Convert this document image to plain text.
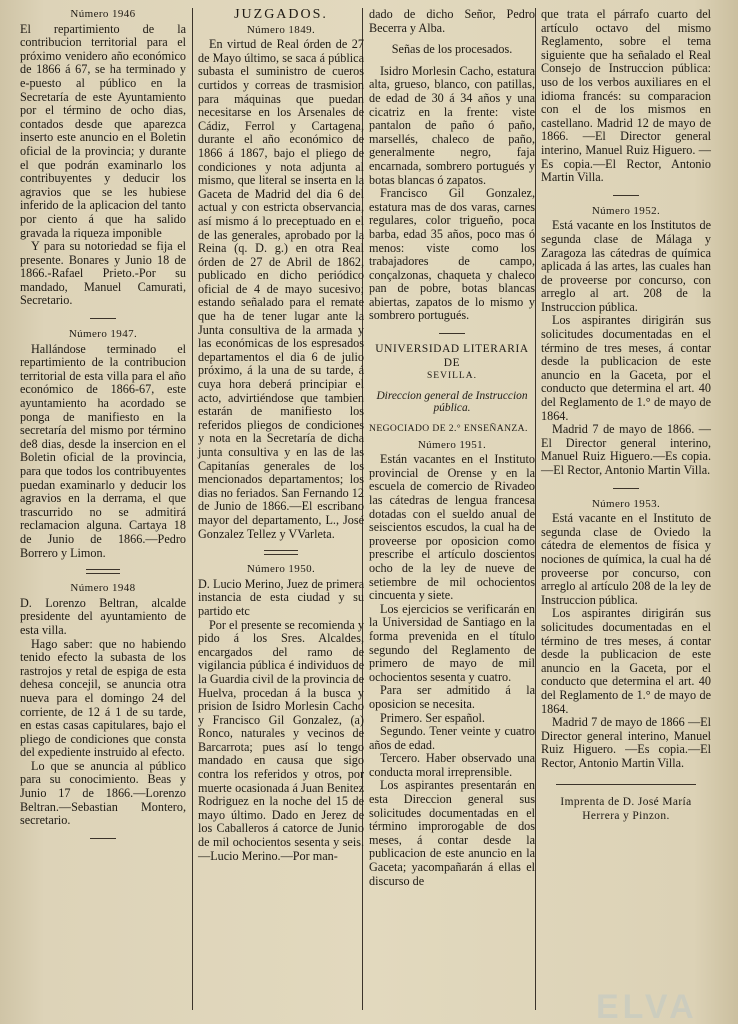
Número 1946

El repartimiento de la contribucion territorial para el próximo venidero año económico de 1866 á 67, se ha terminado y e-puesto al público en la Secretaría de este Ayuntamiento por el término de ocho dias, contados desde que aparezca inserto este anuncio en el Boletin oficial de la provincia; y durante el que podrán examinarlo los contribuyentes y deducir los agravios que se les hubiese inferido de la aplicacion del tanto por ciento á que ha salido gravada la riqueza imponible

Y para su notoriedad se fija el presente. Bonares y Junio 18 de 1866.-Rafael Prieto.-Por su mandado, Manuel Camurati, Secretario.

Número 1947.

Hallándose terminado el repartimiento de la contribucion territorial de esta villa para el año económico de 1866-67, este ayuntamiento ha acordado se ponga de manifiesto en la secretaría del mismo por término de8 dias, desde la insercion en el Boletin oficial de la provincia, para que todos los contribuyentes puedan examinarlo y deducir los agravios en la derrama, el que trascurrido no se admitirá reclamacion alguna. Cartaya 18 de Junio de 1866.—Pedro Borrero y Limon.

Número 1948

D. Lorenzo Beltran, alcalde presidente del ayuntamiento de esta villa.

Hago saber: que no habiendo tenido efecto la subasta de los rastrojos y retal de espiga de esta dehesa concejil, se anuncia otra nueva para el domingo 24 del corriente, de 12 á 1 de su tarde, en estas casas capitulares, bajo el pliego de condiciones que consta del expediente instruido al efecto.

Lo que se anuncia al público para su conocimiento. Beas y Junio 17 de 1866.—Lorenzo Beltran.—Sebastian Montero, secretario.

JUZGADOS.
Número 1849.

En virtud de Real órden de 27 de Mayo último, se saca á pública subasta el suministro de cueros curtidos y correas de trasmision para máquinas que puedan necesitarse en los Arsenales de Cádiz, Ferrol y Cartagena, durante el año económico de 1866 á 1867, bajo el pliego de condiciones y nota adjunta al mismo, que literal se inserta en la Gaceta de Madrid del dia 6 del actual y con estricta observancia, así mismo á lo preceptuado en el de las generales, aprobado por la Reina (q. D. g.) en otra Real órden de 27 de Abril de 1862, publicado en dicho periódico oficial de 4 de mayo sucesivo; estando señalado para el remate que ha de tener lugar ante la Junta consultiva de la armada y las económicas de los espresados departamentos el dia 6 de julio próximo, á la una de su tarde, á cuya hora deberá principiar el acto, advirtiéndose que tambien estarán de manifiesto los referidos pliegos de condiciones y nota en la Secretaría de dicha junta consultiva y en las de las Capitanías generales de los mencionados departamentos; los dias no feriados. San Fernando 12 de Junio de 1866.—El escribano mayor del departamento, L., José Gonzalez Tellez y VVarleta.

Número 1950.

D. Lucio Merino, Juez de primera instancia de esta ciudad y su partido etc

Por el presente se recomienda y pido á los Sres. Alcaldes, encargados del ramo de vigilancia pública é individuos de la Guardia civil de la provincia de Huelva, procedan á la busca y prision de Isidro Morlesin Cacho y Francisco Gil Gonzalez, (a) Ronco, naturales y vecinos de Barcarrota; pues así lo tengo mandado en causa que sigo contra los referidos y otros, por muerte ocasionada á Juan Benitez Rodriguez en la noche del 15 de mayo último. Dado en Jerez de los Caballeros á catorce de Junio de mil ochocientos sesenta y seis. —Lucio Merino.—Por man-

dado de dicho Señor, Pedro Becerra y Alba.

Señas de los procesados.

Isidro Morlesin Cacho, estatura alta, grueso, blanco, con patillas, de edad de 30 á 34 años y una cicatriz en la frente: viste pantalon de paño ó paño, marsellés, chaleco de paño, generalmente negro, faja encarnada, sombrero portugués y botas blancas ó zapatos.

Francisco Gil Gonzalez, estatura mas de dos varas, carnes regulares, color trigueño, poca barba, edad 35 años, poco mas ó menos: viste como los trabajadores de campo, conçalzonas, chaqueta y chaleco pan de pobre, botas blancas abiertas, zapatos de lo mismo y sombrero portugués.

UNIVERSIDAD LITERARIA DE
SEVILLA.
Direccion general de Instruccion pública.
NEGOCIADO DE 2.° ENSEÑANZA.
Número 1951.

Están vacantes en el Instituto provincial de Orense y en la escuela de comercio de Rivadeo las cátedras de lengua francesa dotadas con el sueldo anual de seiscientos escudos, la cual ha de proveerse por oposicion como prescribe el artículo doscientos ocho de la ley de nueve de setiembre de mil ochocientos cincuenta y siete.

Los ejercicios se verificarán en la Universidad de Santiago en la forma prevenida en el título segundo del Reglamento de primero de mayo de mil ochocientos sesenta y cuatro.

Para ser admitido á la oposicion se necesita.

Primero. Ser español.

Segundo. Tener veinte y cuatro años de edad.

Tercero. Haber observado una conducta moral irreprensible.

Los aspirantes presentarán en esta Direccion general sus solicitudes documentadas en el término improrogable de dos meses, á contar desde la publicacion de este anuncio en la Gaceta; yacompañarán á ellas el discurso de

que trata el párrafo cuarto del artículo octavo del mismo Reglamento, sobre el tema siguiente que ha señalado el Real Consejo de Instruccion pública: uso de los verbos auxiliares en el idioma francés: su comparacion con el de los mismos en castellano. Madrid 12 de mayo de 1866. —El Director general interino, Manuel Ruiz Higuero. —Es copia.—El Rector, Antonio Martin Villa.

Número 1952.

Está vacante en los Institutos de segunda clase de Málaga y Zaragoza las cátedras de química aplicada á las artes, las cuales han de proveerse por concurso, con arreglo al art. 208 de la Instruccion pública.

Los aspirantes dirigirán sus solicitudes documentadas en el término de tres meses, á contar desde la publicacion de este anuncio en la Gaceta, por el conducto que determina el art. 40 del Reglamento de 1.° de mayo de 1864.

Madrid 7 de mayo de 1866. —El Director general interino, Manuel Ruiz Higuero.—Es copia.—El Rector, Antonio Martin Villa.

Número 1953.

Está vacante en el Instituto de segunda clase de Oviedo la cátedra de elementos de física y nociones de química, la cual ha dé proveerse por concurso, con arreglo al artículo 208 de la ley de Instruccion pública.

Los aspirantes dirigirán sus solicitudes documentadas en el término de tres meses, á contar desde la publicacion de este anuncio en la Gaceta, por el conducto que determina el art. 40 del Reglamento de 1.° de mayo de 1864.

Madrid 7 de mayo de 1866 —El Director general interino, Manuel Ruiz Higuero. —Es copia.—El Rector, Antonio Martin Villa.

Imprenta de D. José María Herrera y Pinzon.
ELVA
